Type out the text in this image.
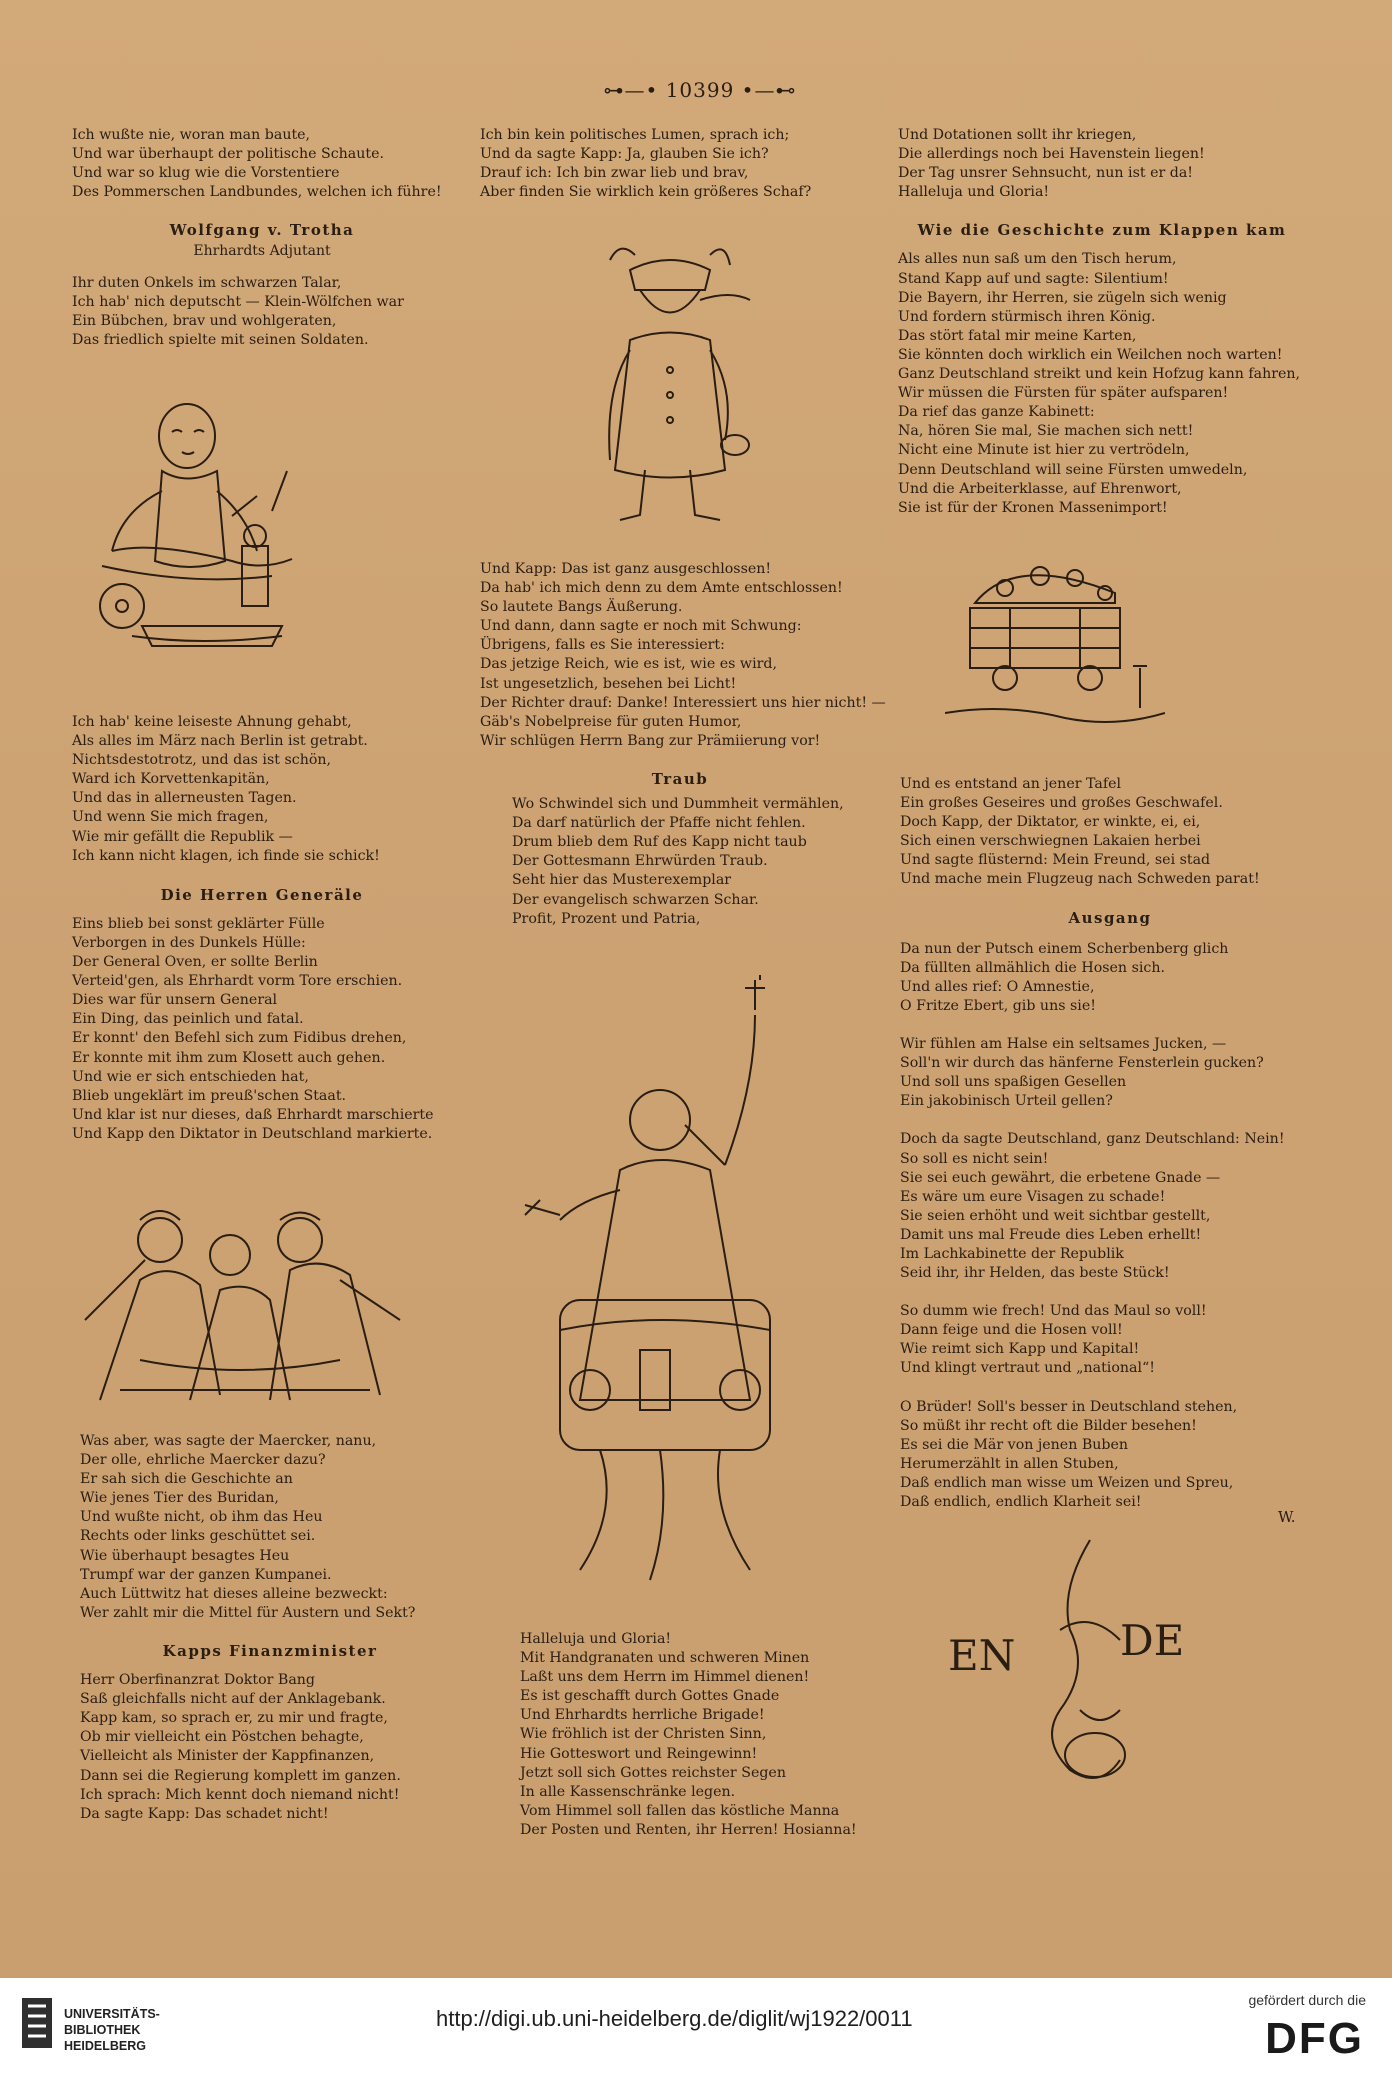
⊶—• 10399 •—⊷

Ich wußte nie, woran man baute,

Und war überhaupt der politische Schaute.

Und war so klug wie die Vorstentiere

Des Pommerschen Landbundes, welchen ich führe!

Wolfgang v. Trotha
Ehrhardts Adjutant

Ihr duten Onkels im schwarzen Talar,

Ich hab' nich deputscht — Klein-Wölfchen war

Ein Bübchen, brav und wohlgeraten,

Das friedlich spielte mit seinen Soldaten.

Ich hab' keine leiseste Ahnung gehabt,

Als alles im März nach Berlin ist getrabt.

Nichtsdestotrotz, und das ist schön,

Ward ich Korvettenkapitän,

Und das in allerneusten Tagen.

Und wenn Sie mich fragen,

Wie mir gefällt die Republik —

Ich kann nicht klagen, ich finde sie schick!

Die Herren Generäle

Eins blieb bei sonst geklärter Fülle

Verborgen in des Dunkels Hülle:

Der General Oven, er sollte Berlin

Verteid'gen, als Ehrhardt vorm Tore erschien.

Dies war für unsern General

Ein Ding, das peinlich und fatal.

Er konnt' den Befehl sich zum Fidibus drehen,

Er konnte mit ihm zum Klosett auch gehen.

Und wie er sich entschieden hat,

Blieb ungeklärt im preuß'schen Staat.

Und klar ist nur dieses, daß Ehrhardt marschierte

Und Kapp den Diktator in Deutschland markierte.

Was aber, was sagte der Maercker, nanu,

Der olle, ehrliche Maercker dazu?

Er sah sich die Geschichte an

Wie jenes Tier des Buridan,

Und wußte nicht, ob ihm das Heu

Rechts oder links geschüttet sei.

Wie überhaupt besagtes Heu

Trumpf war der ganzen Kumpanei.

Auch Lüttwitz hat dieses alleine bezweckt:

Wer zahlt mir die Mittel für Austern und Sekt?

Kapps Finanzminister

Herr Oberfinanzrat Doktor Bang

Saß gleichfalls nicht auf der Anklagebank.

Kapp kam, so sprach er, zu mir und fragte,

Ob mir vielleicht ein Pöstchen behagte,

Vielleicht als Minister der Kappfinanzen,

Dann sei die Regierung komplett im ganzen.

Ich sprach: Mich kennt doch niemand nicht!

Da sagte Kapp: Das schadet nicht!

Ich bin kein politisches Lumen, sprach ich;

Und da sagte Kapp: Ja, glauben Sie ich?

Drauf ich: Ich bin zwar lieb und brav,

Aber finden Sie wirklich kein größeres Schaf?

Und Kapp: Das ist ganz ausgeschlossen!

Da hab' ich mich denn zu dem Amte entschlossen!

So lautete Bangs Äußerung.

Und dann, dann sagte er noch mit Schwung:

Übrigens, falls es Sie interessiert:

Das jetzige Reich, wie es ist, wie es wird,

Ist ungesetzlich, besehen bei Licht!

Der Richter drauf: Danke! Interessiert uns hier nicht! —

Gäb's Nobelpreise für guten Humor,

Wir schlügen Herrn Bang zur Prämiierung vor!

Traub

Wo Schwindel sich und Dummheit vermählen,

Da darf natürlich der Pfaffe nicht fehlen.

Drum blieb dem Ruf des Kapp nicht taub

Der Gottesmann Ehrwürden Traub.

Seht hier das Musterexemplar

Der evangelisch schwarzen Schar.

Profit, Prozent und Patria,

Halleluja und Gloria!

Mit Handgranaten und schweren Minen

Laßt uns dem Herrn im Himmel dienen!

Es ist geschafft durch Gottes Gnade

Und Ehrhardts herrliche Brigade!

Wie fröhlich ist der Christen Sinn,

Hie Gotteswort und Reingewinn!

Jetzt soll sich Gottes reichster Segen

In alle Kassenschränke legen.

Vom Himmel soll fallen das köstliche Manna

Der Posten und Renten, ihr Herren! Hosianna!

Und Dotationen sollt ihr kriegen,

Die allerdings noch bei Havenstein liegen!

Der Tag unsrer Sehnsucht, nun ist er da!

Halleluja und Gloria!

Wie die Geschichte zum Klappen kam

Als alles nun saß um den Tisch herum,

Stand Kapp auf und sagte: Silentium!

Die Bayern, ihr Herren, sie zügeln sich wenig

Und fordern stürmisch ihren König.

Das stört fatal mir meine Karten,

Sie könnten doch wirklich ein Weilchen noch warten!

Ganz Deutschland streikt und kein Hofzug kann fahren,

Wir müssen die Fürsten für später aufsparen!

Da rief das ganze Kabinett:

Na, hören Sie mal, Sie machen sich nett!

Nicht eine Minute ist hier zu vertrödeln,

Denn Deutschland will seine Fürsten umwedeln,

Und die Arbeiterklasse, auf Ehrenwort,

Sie ist für der Kronen Massenimport!

Und es entstand an jener Tafel

Ein großes Geseires und großes Geschwafel.

Doch Kapp, der Diktator, er winkte, ei, ei,

Sich einen verschwiegnen Lakaien herbei

Und sagte flüsternd: Mein Freund, sei stad

Und mache mein Flugzeug nach Schweden parat!

Ausgang

Da nun der Putsch einem Scherbenberg glich

Da füllten allmählich die Hosen sich.

Und alles rief: O Amnestie,

O Fritze Ebert, gib uns sie!

Wir fühlen am Halse ein seltsames Jucken, —

Soll'n wir durch das hänferne Fensterlein gucken?

Und soll uns spaßigen Gesellen

Ein jakobinisch Urteil gellen?

Doch da sagte Deutschland, ganz Deutschland: Nein!

So soll es nicht sein!

Sie sei euch gewährt, die erbetene Gnade —

Es wäre um eure Visagen zu schade!

Sie seien erhöht und weit sichtbar gestellt,

Damit uns mal Freude dies Leben erhellt!

Im Lachkabinette der Republik

Seid ihr, ihr Helden, das beste Stück!

So dumm wie frech! Und das Maul so voll!

Dann feige und die Hosen voll!

Wie reimt sich Kapp und Kapital!

Und klingt vertraut und „national“!

O Brüder! Soll's besser in Deutschland stehen,

So müßt ihr recht oft die Bilder besehen!

Es sei die Mär von jenen Buben

Herumerzählt in allen Stuben,

Daß endlich man wisse um Weizen und Spreu,

Daß endlich, endlich Klarheit sei!

W.
EN DE
UNIVERSITÄTS-
BIBLIOTHEK
HEIDELBERG
http://digi.ub.uni-heidelberg.de/diglit/wj1922/0011
gefördert durch die
DFG
